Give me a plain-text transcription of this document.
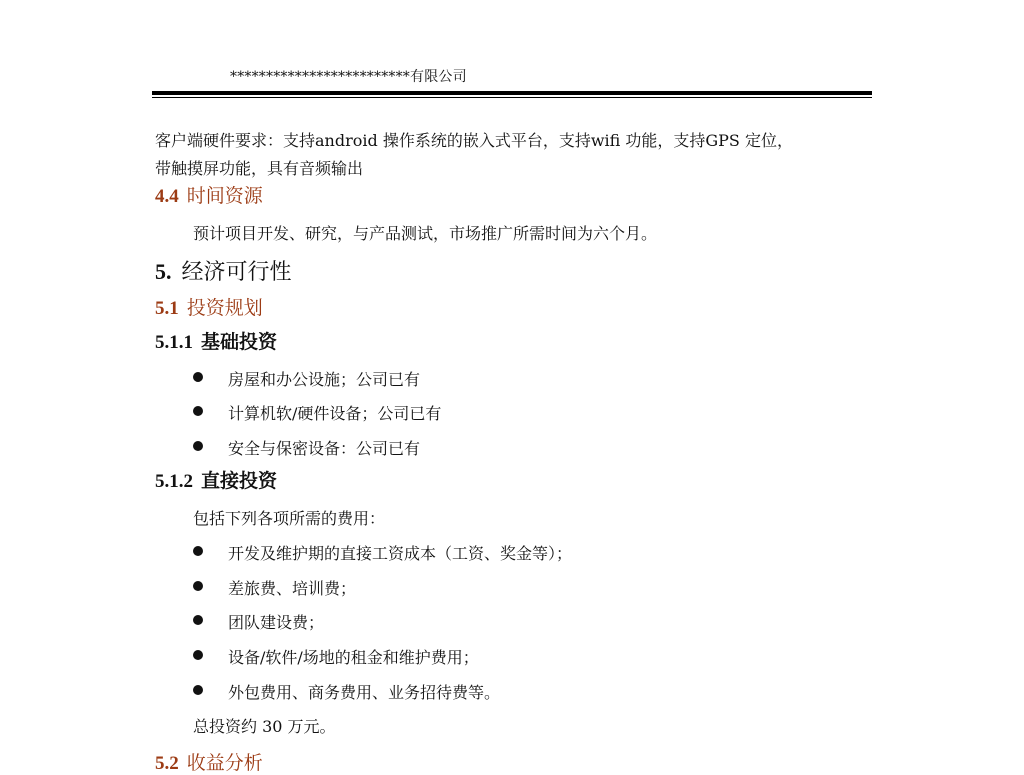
*************************有限公司
客户端硬件要求：支持android 操作系统的嵌入式平台，支持wifi 功能，支持GPS 定位，
带触摸屏功能，具有音频输出
4.4 时间资源
预计项目开发、研究，与产品测试，市场推广所需时间为六个月。
5. 经济可行性
5.1 投资规划
5.1.1 基础投资
房屋和办公设施；公司已有
计算机软/硬件设备；公司已有
安全与保密设备：公司已有
5.1.2 直接投资
包括下列各项所需的费用：
开发及维护期的直接工资成本（工资、奖金等）；
差旅费、培训费；
团队建设费；
设备/软件/场地的租金和维护费用；
外包费用、商务费用、业务招待费等。
总投资约 30 万元。
5.2 收益分析
